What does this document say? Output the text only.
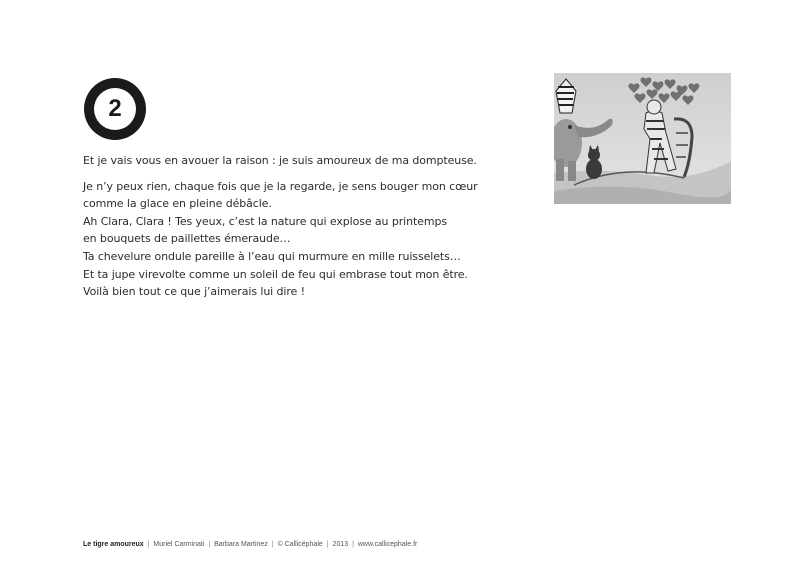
2

Et je vais vous en avouer la raison : je suis amoureux de ma dompteuse.

Je n’y peux rien, chaque fois que je la regarde, je sens bouger mon cœur
comme la glace en pleine débâcle.
Ah Clara, Clara ! Tes yeux, c’est la nature qui explose au printemps
en bouquets de paillettes émeraude…
Ta chevelure ondule pareille à l’eau qui murmure en mille ruisselets…
Et ta jupe virevolte comme un soleil de feu qui embrase tout mon être.
Voilà bien tout ce que j’aimerais lui dire !
Le tigre amoureux | Muriel Carminati | Barbara Martinez | © Callicéphale | 2013 | www.callicephale.fr
